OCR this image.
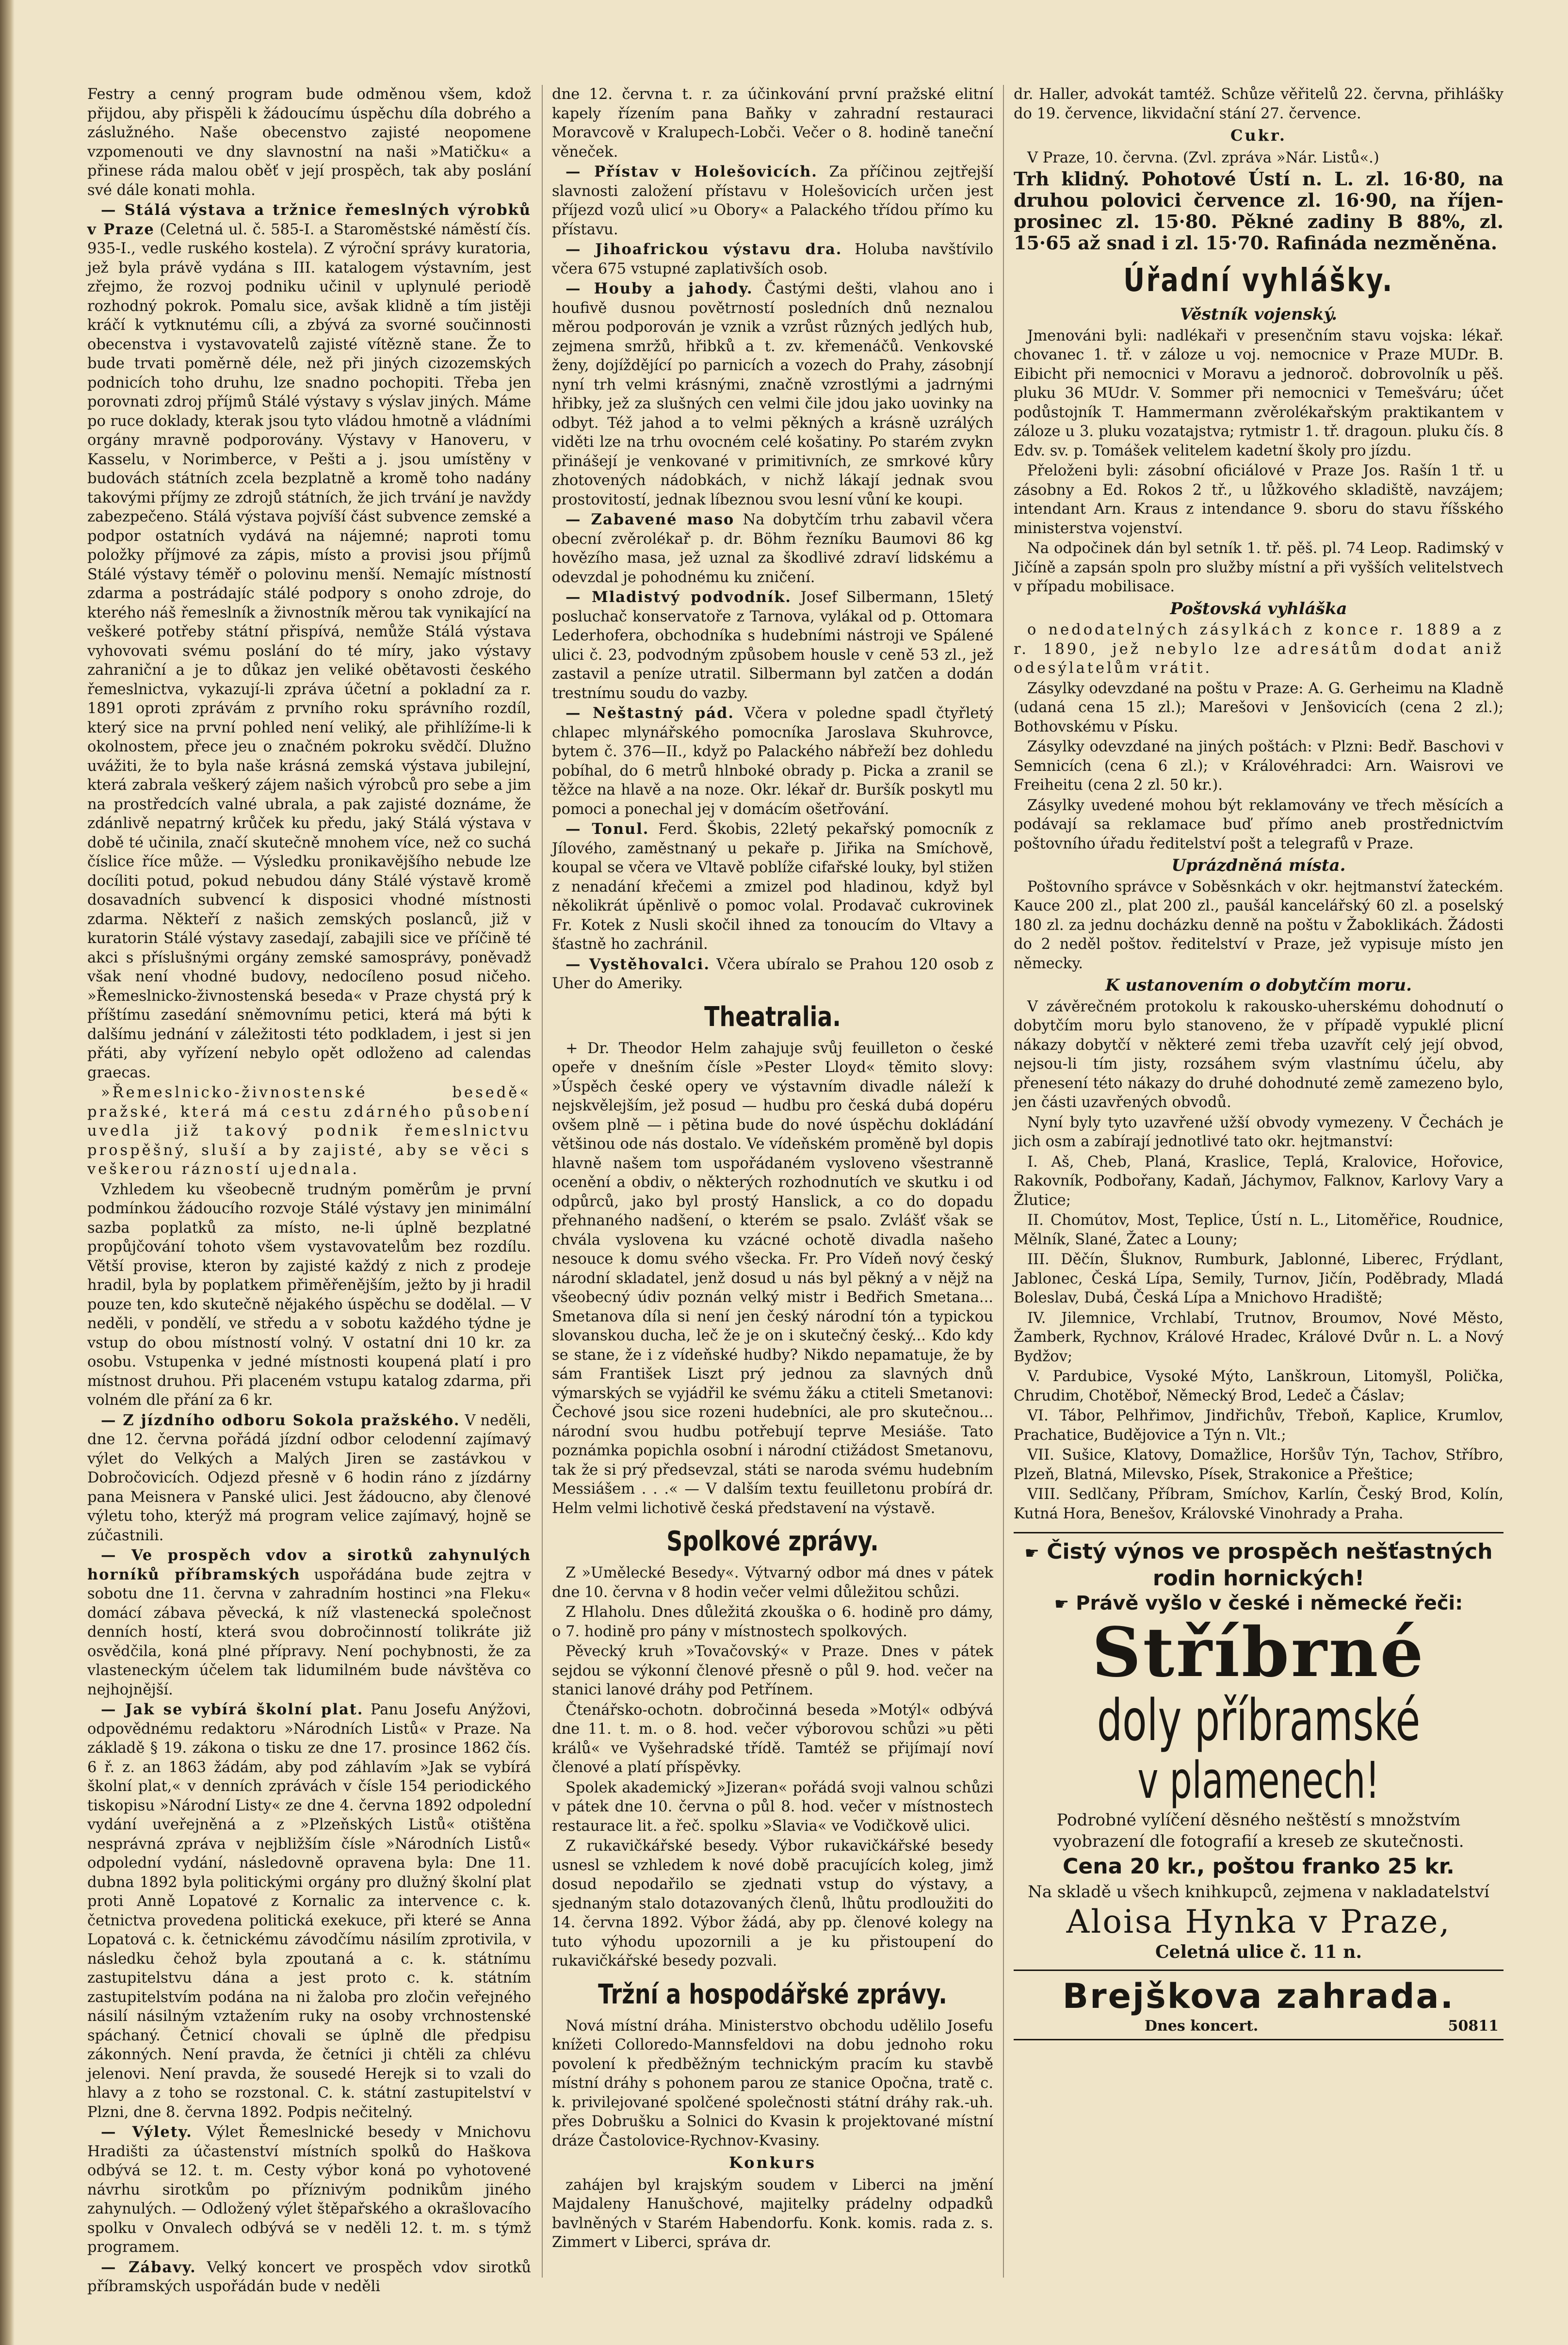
Festry a cenný program bude odměnou všem, kdož přijdou, aby přispěli k žádoucímu úspěchu díla dobrého a záslužného. Naše obecenstvo zajisté neopomene vzpomenouti ve dny slavnostní na naši »Matičku« a přinese ráda malou oběť v její prospěch, tak aby poslání své dále konati mohla.

— Stálá výstava a tržnice řemeslných výrobků v Praze (Celetná ul. č. 585-I. a Staroměstské náměstí čís. 935-I., vedle ruského kostela). Z výroční správy kuratoria, jež byla právě vydána s III. katalogem výstavním, jest zřejmo, že rozvoj podniku učinil v uplynulé periodě rozhodný pokrok. Pomalu sice, avšak klidně a tím jistěji kráčí k vytknutému cíli, a zbývá za svorné součinnosti obecenstva i vystavovatelů zajisté vítězně stane. Že to bude trvati poměrně déle, než při jiných cizozemských podnicích toho druhu, lze snadno pochopiti. Třeba jen porovnati zdroj příjmů Stálé výstavy s výslav jiných. Máme po ruce doklady, kterak jsou tyto vládou hmotně a vládními orgány mravně podporovány. Výstavy v Hanoveru, v Kasselu, v Norimberce, v Pešti a j. jsou umístěny v budovách státních zcela bezplatně a kromě toho nadány takovými příjmy ze zdrojů státních, že jich trvání je navždy zabezpečeno. Stálá výstava pojvíší část subvence zemské a podpor ostatních vydává na nájemné; naproti tomu položky příjmové za zápis, místo a provisi jsou příjmů Stálé výstavy téměř o polovinu menší. Nemajíc místností zdarma a postrádajíc stálé podpory s onoho zdroje, do kterého náš řemeslník a živnostník měrou tak vynikající na veškeré potřeby státní přispívá, nemůže Stálá výstava vyhovovati svému poslání do té míry, jako výstavy zahraniční a je to důkaz jen veliké obětavosti českého řemeslnictva, vykazují-li zpráva účetní a pokladní za r. 1891 oproti zprávám z prvního roku správního rozdíl, který sice na první pohled není veliký, ale přihlížíme-li k okolnostem, přece jeu o značném pokroku svědčí. Dlužno uvážiti, že to byla naše krásná zemská výstava jubilejní, která zabrala veškerý zájem našich výrobců pro sebe a jim na prostředcích valné ubrala, a pak zajisté doznáme, že zdánlivě nepatrný krůček ku předu, jaký Stálá výstava v době té učinila, značí skutečně mnohem více, než co suchá číslice říce může. — Výsledku pronikavějšího nebude lze docíliti potud, pokud nebudou dány Stálé výstavě kromě dosavadních subvencí k disposici vhodné místnosti zdarma. Někteří z našich zemských poslanců, již v kuratorin Stálé výstavy zasedají, zabajili sice ve příčině té akci s příslušnými orgány zemské samosprávy, poněvadž však není vhodné budovy, nedocíleno posud ničeho. »Řemeslnicko-živnostenská beseda« v Praze chystá prý k příštímu zasedání sněmovnímu petici, která má býti k dalšímu jednání v záležitosti této podkladem, i jest si jen přáti, aby vyřízení nebylo opět odloženo ad calendas graecas.

»Řemeslnicko-živnostenské besedě« pražské, která má cestu zdárného působení uvedla již takový podnik řemeslnictvu prospěšný, sluší a by zajisté, aby se věci s veškerou rázností ujednala.

Vzhledem ku všeobecně trudným poměrům je první podmínkou žádoucího rozvoje Stálé výstavy jen minimální sazba poplatků za místo, ne-li úplně bezplatné propůjčování tohoto všem vystavovatelům bez rozdílu. Větší provise, kteron by zajisté každý z nich z prodeje hradil, byla by poplatkem přiměřenějším, ježto by ji hradil pouze ten, kdo skutečně nějakého úspěchu se dodělal. — V neděli, v pondělí, ve středu a v sobotu každého týdne je vstup do obou místností volný. V ostatní dni 10 kr. za osobu. Vstupenka v jedné místnosti koupená platí i pro místnost druhou. Při placeném vstupu katalog zdarma, při volném dle přání za 6 kr.

— Z jízdního odboru Sokola pražského. V neděli, dne 12. června pořádá jízdní odbor celodenní zajímavý výlet do Velkých a Malých Jiren se zastávkou v Dobročovicích. Odjezd přesně v 6 hodin ráno z jízdárny pana Meisnera v Panské ulici. Jest žádoucno, aby členové výletu toho, kterýž má program velice zajímavý, hojně se zúčastnili.

— Ve prospěch vdov a sirotků zahynulých horníků příbramských uspořádána bude zejtra v sobotu dne 11. června v zahradním hostinci »na Fleku« domácí zábava pěvecká, k níž vlastenecká společnost denních hostí, která svou dobročinností tolikráte již osvědčila, koná plné přípravy. Není pochybnosti, že za vlasteneckým účelem tak lidumilném bude návštěva co nejhojnější.

— Jak se vybírá školní plat. Panu Josefu Anýžovi, odpovědnému redaktoru »Národních Listů« v Praze. Na základě § 19. zákona o tisku ze dne 17. prosince 1862 čís. 6 ř. z. an 1863 žádám, aby pod záhlavím »Jak se vybírá školní plat,« v denních zprávách v čísle 154 periodického tiskopisu »Národní Listy« ze dne 4. června 1892 odpolední vydání uveřejněná a z »Plzeňských Listů« otištěna nesprávná zpráva v nejbližším čísle »Národních Listů« odpolední vydání, následovně opravena byla: Dne 11. dubna 1892 byla politickými orgány pro dlužný školní plat proti Anně Lopatové z Kornalic za intervence c. k. četnictva provedena politická exekuce, při které se Anna Lopatová c. k. četnickému závodčímu násilím zprotivila, v následku čehož byla zpoutaná a c. k. státnímu zastupitelstvu dána a jest proto c. k. státním zastupitelstvím podána na ni žaloba pro zločin veřejného násilí násilným vztažením ruky na osoby vrchnostenské spáchaný. Četnicí chovali se úplně dle předpisu zákonných. Není pravda, že četníci ji chtěli za chlévu jelenovi. Není pravda, že sousedé Herejk si to vzali do hlavy a z toho se rozstonal. C. k. státní zastupitelství v Plzni, dne 8. června 1892. Podpis nečitelný.

— Výlety. Výlet Řemeslnické besedy v Mnichovu Hradišti za účastenství místních spolků do Haškova odbývá se 12. t. m. Cesty výbor koná po vyhotovené návrhu sirotkům po příznivým podnikům jiného zahynulých. — Odložený výlet štěpařského a okrašlovacího spolku v Onvalech odbývá se v neděli 12. t. m. s týmž programem.

— Zábavy. Velký koncert ve prospěch vdov sirotků příbramských uspořádán bude v neděli

dne 12. června t. r. za účinkování první pražské elitní kapely řízením pana Baňky v zahradní restauraci Moravcově v Kralupech-Lobči. Večer o 8. hodině taneční věneček.

— Přístav v Holešovicích. Za příčinou zejtřejší slavnosti založení přístavu v Holešovicích určen jest příjezd vozů ulicí »u Obory« a Palackého třídou přímo ku přístavu.

— Jihoafrickou výstavu dra. Holuba navštívilo včera 675 vstupné zaplativších osob.

— Houby a jahody. Častými dešti, vlahou ano i houfivě dusnou povětrností posledních dnů neznalou měrou podporován je vznik a vzrůst různých jedlých hub, zejmena smržů, hřibků a t. zv. křemenáčů. Venkovské ženy, dojíždějící po parnicích a vozech do Prahy, zásobnjí nyní trh velmi krásnými, značně vzrostlými a jadrnými hřibky, jež za slušných cen velmi čile jdou jako uovinky na odbyt. Též jahod a to velmi pěkných a krásně uzrálých viděti lze na trhu ovocném celé košatiny. Po starém zvykn přinášejí je venkované v primitivních, ze smrkové kůry zhotovených nádobkách, v nichž lákají jednak svou prostovitostí, jednak líbeznou svou lesní vůní ke koupi.

— Zabavené maso Na dobytčím trhu zabavil včera obecní zvěrolékař p. dr. Böhm řezníku Baumovi 86 kg hovězího masa, jež uznal za škodlivé zdraví lidskému a odevzdal je pohodnému ku zničení.

— Mladistvý podvodník. Josef Silbermann, 15letý posluchač konservatoře z Tarnova, vylákal od p. Ottomara Lederhofera, obchodníka s hudebními nástroji ve Spálené ulici č. 23, podvodným způsobem housle v ceně 53 zl., jež zastavil a peníze utratil. Silbermann byl zatčen a dodán trestnímu soudu do vazby.

— Neštastný pád. Včera v poledne spadl čtyřletý chlapec mlynářského pomocníka Jaroslava Skuhrovce, bytem č. 376—II., když po Palackého nábřeží bez dohledu pobíhal, do 6 metrů hlnboké obrady p. Picka a zranil se těžce na hlavě a na noze. Okr. lékař dr. Buršík poskytl mu pomoci a ponechal jej v domácím ošetřování.

— Tonul. Ferd. Škobis, 22letý pekařský pomocník z Jílového, zaměstnaný u pekaře p. Jiřika na Smíchově, koupal se včera ve Vltavě poblíže cifařské louky, byl stižen z nenadání křečemi a zmizel pod hladinou, když byl několikrát úpěnlivě o pomoc volal. Prodavač cukrovinek Fr. Kotek z Nusli skočil ihned za tonoucím do Vltavy a šťastně ho zachránil.

— Vystěhovalci. Včera ubíralo se Prahou 120 osob z Uher do Ameriky.

Theatralia.

+ Dr. Theodor Helm zahajuje svůj feuilleton o české opeře v dnešním čísle »Pester Lloyd« těmito slovy: »Úspěch české opery ve výstavním divadle náleží k nejskvělejším, jež posud — hudbu pro česká dubá dopéru ovšem plně — i pětina bude do nové úspěchu dokládání většinou ode nás dostalo. Ve vídeňském proměně byl dopis hlavně našem tom uspořádaném vysloveno všestranně ocenění a obdiv, o některých rozhodnutích ve skutku i od odpůrců, jako byl prostý Hanslick, a co do dopadu přehnaného nadšení, o kterém se psalo. Zvlášť však se chvála vyslovena ku vzácné ochotě divadla našeho nesouce k domu svého všecka. Fr. Pro Vídeň nový český národní skladatel, jenž dosud u nás byl pěkný a v nějž na všeobecný údiv poznán velký mistr i Bedřich Smetana... Smetanova díla si není jen český národní tón a typickou slovanskou ducha, leč že je on i skutečný český... Kdo kdy se stane, že i z vídeňské hudby? Nikdo nepamatuje, že by sám František Liszt prý jednou za slavných dnů výmarských se vyjádřil ke svému žáku a ctiteli Smetanovi: Čechové jsou sice rozeni hudebníci, ale pro skutečnou... národní svou hudbu potřebují teprve Mesiáše. Tato poznámka popichla osobní i národní ctižádost Smetanovu, tak že si prý předsevzal, státi se naroda svému hudebním Messiášem . . .« — V dalším textu feuilletonu probírá dr. Helm velmi lichotivě česká představení na výstavě.

Spolkové zprávy.

Z »Umělecké Besedy«. Výtvarný odbor má dnes v pátek dne 10. června v 8 hodin večer velmi důležitou schůzi.

Z Hlaholu. Dnes důležitá zkouška o 6. hodině pro dámy, o 7. hodině pro pány v místnostech spolkových.

Pěvecký kruh »Tovačovský« v Praze. Dnes v pátek sejdou se výkonní členové přesně o půl 9. hod. večer na stanici lanové dráhy pod Petřínem.

Čtenářsko-ochotn. dobročinná beseda »Motýl« odbývá dne 11. t. m. o 8. hod. večer výborovou schůzi »u pěti králů« ve Vyšehradské třídě. Tamtéž se přijímají noví členové a platí příspěvky.

Spolek akademický »Jizeran« pořádá svoji valnou schůzi v pátek dne 10. června o půl 8. hod. večer v místnostech restaurace lit. a řeč. spolku »Slavia« ve Vodičkově ulici.

Z rukavičkářské besedy. Výbor rukavičkářské besedy usnesl se vzhledem k nové době pracujících koleg, jimž dosud nepodařilo se zjednati vstup do výstavy, a sjednaným stalo dotazovaných členů, lhůtu prodloužiti do 14. června 1892. Výbor žádá, aby pp. členové kolegy na tuto výhodu upozornili a je ku přistoupení do rukavičkářské besedy pozvali.

Tržní a hospodářské zprávy.

Nová místní dráha. Ministerstvo obchodu udělilo Josefu knížeti Colloredo-Mannsfeldovi na dobu jednoho roku povolení k předběžným technickým pracím ku stavbě místní dráhy s pohonem parou ze stanice Opočna, tratě c. k. privilejované spolčené společnosti státní dráhy rak.-uh. přes Dobrušku a Solnici do Kvasin k projektované místní dráze Častolovice-Rychnov-Kvasiny.

Konkurs

zahájen byl krajským soudem v Liberci na jmění Majdaleny Hanušchové, majitelky prádelny odpadků bavlněných v Starém Habendorfu. Konk. komis. rada z. s. Zimmert v Liberci, správa dr.

dr. Haller, advokát tamtéž. Schůze věřitelů 22. června, přihlášky do 19. července, likvidační stání 27. července.

Cukr.

V Praze, 10. června. (Zvl. zpráva »Nár. Listů«.)

Trh klidný. Pohotové Ústí n. L. zl. 16·80, na druhou polovici července zl. 16·90, na říjen-prosinec zl. 15·80. Pěkné zadiny B 88%, zl. 15·65 až snad i zl. 15·70. Rafináda nezměněna.

Úřadní vyhlášky.
Věstník vojenský.

Jmenováni byli: nadlékaři v presenčním stavu vojska: lékař. chovanec 1. tř. v záloze u voj. nemocnice v Praze MUDr. B. Eibicht při nemocnici v Moravu a jednoroč. dobrovolník u pěš. pluku 36 MUdr. V. Sommer při nemocnici v Temešváru; účet podůstojník T. Hammermann zvěrolékařským praktikantem v záloze u 3. pluku vozatajstva; rytmistr 1. tř. dragoun. pluku čís. 8 Edv. sv. p. Tomášek velitelem kadetní školy pro jízdu.

Přeloženi byli: zásobní oficiálové v Praze Jos. Rašín 1 tř. u zásobny a Ed. Rokos 2 tř., u lůžkového skladiště, navzájem; intendant Arn. Kraus z intendance 9. sboru do stavu říšského ministerstva vojenství.

Na odpočinek dán byl setník 1. tř. pěš. pl. 74 Leop. Radimský v Jičíně a zapsán spoln pro služby místní a při vyšších velitelstvech v případu mobilisace.

Poštovská vyhláška

o nedodatelných zásylkách z konce r. 1889 a z r. 1890, jež nebylo lze adresátům dodat aniž odesýlatelům vrátit.

Zásylky odevzdané na poštu v Praze: A. G. Gerheimu na Kladně (udaná cena 15 zl.); Marešovi v Jenšovicích (cena 2 zl.); Bothovskému v Písku.

Zásylky odevzdané na jiných poštách: v Plzni: Bedř. Baschovi v Semnicích (cena 6 zl.); v Královéhradci: Arn. Waisrovi ve Freiheitu (cena 2 zl. 50 kr.).

Zásylky uvedené mohou být reklamovány ve třech měsících a podávají sa reklamace buď přímo aneb prostřednictvím poštovního úřadu ředitelství pošt a telegrafů v Praze.

Uprázdněná místa.

Poštovního správce v Soběsnkách v okr. hejtmanství žateckém. Kauce 200 zl., plat 200 zl., paušál kancelářský 60 zl. a poselský 180 zl. za jednu docházku denně na poštu v Žaboklikách. Žádosti do 2 neděl poštov. ředitelství v Praze, jež vypisuje místo jen německy.

K ustanovením o dobytčím moru.

V závěrečném protokolu k rakousko-uherskému dohodnutí o dobytčím moru bylo stanoveno, že v případě vypuklé plicní nákazy dobytčí v některé zemi třeba uzavřít celý její obvod, nejsou-li tím jisty, rozsáhem svým vlastnímu účelu, aby přenesení této nákazy do druhé dohodnuté země zamezeno bylo, jen části uzavřených obvodů.

Nyní byly tyto uzavřené užší obvody vymezeny. V Čechách je jich osm a zabírají jednotlivé tato okr. hejtmanství:

I. Aš, Cheb, Planá, Kraslice, Teplá, Kralovice, Hořovice, Rakovník, Podbořany, Kadaň, Jáchymov, Falknov, Karlovy Vary a Žlutice;

II. Chomútov, Most, Teplice, Ústí n. L., Litoměřice, Roudnice, Mělník, Slané, Žatec a Louny;

III. Děčín, Šluknov, Rumburk, Jablonné, Liberec, Frýdlant, Jablonec, Česká Lípa, Semily, Turnov, Jičín, Poděbrady, Mladá Boleslav, Dubá, Česká Lípa a Mnichovo Hradiště;

IV. Jilemnice, Vrchlabí, Trutnov, Broumov, Nové Město, Žamberk, Rychnov, Králové Hradec, Králové Dvůr n. L. a Nový Bydžov;

V. Pardubice, Vysoké Mýto, Lanškroun, Litomyšl, Polička, Chrudim, Chotěboř, Německý Brod, Ledeč a Čáslav;

VI. Tábor, Pelhřimov, Jindřichův, Třeboň, Kaplice, Krumlov, Prachatice, Budějovice a Týn n. Vlt.;

VII. Sušice, Klatovy, Domažlice, Horšův Týn, Tachov, Stříbro, Plzeň, Blatná, Milevsko, Písek, Strakonice a Přeštice;

VIII. Sedlčany, Příbram, Smíchov, Karlín, Český Brod, Kolín, Kutná Hora, Benešov, Královské Vinohrady a Praha.

☛ Čistý výnos ve prospěch nešťastných rodin hornických!
☛ Právě vyšlo v české i německé řeči:
Stříbrné
doly příbramské
v plamenech!
Podrobné vylíčení děsného neštěstí s množstvím vyobrazení dle fotografií a kreseb ze skutečnosti.
Cena 20 kr., poštou franko 25 kr.
Na skladě u všech knihkupců, zejmena v nakladatelství
Aloisa Hynka v Praze,
Celetná ulice č. 11 n.
Brejškova zahrada.
Dnes koncert.	50811
